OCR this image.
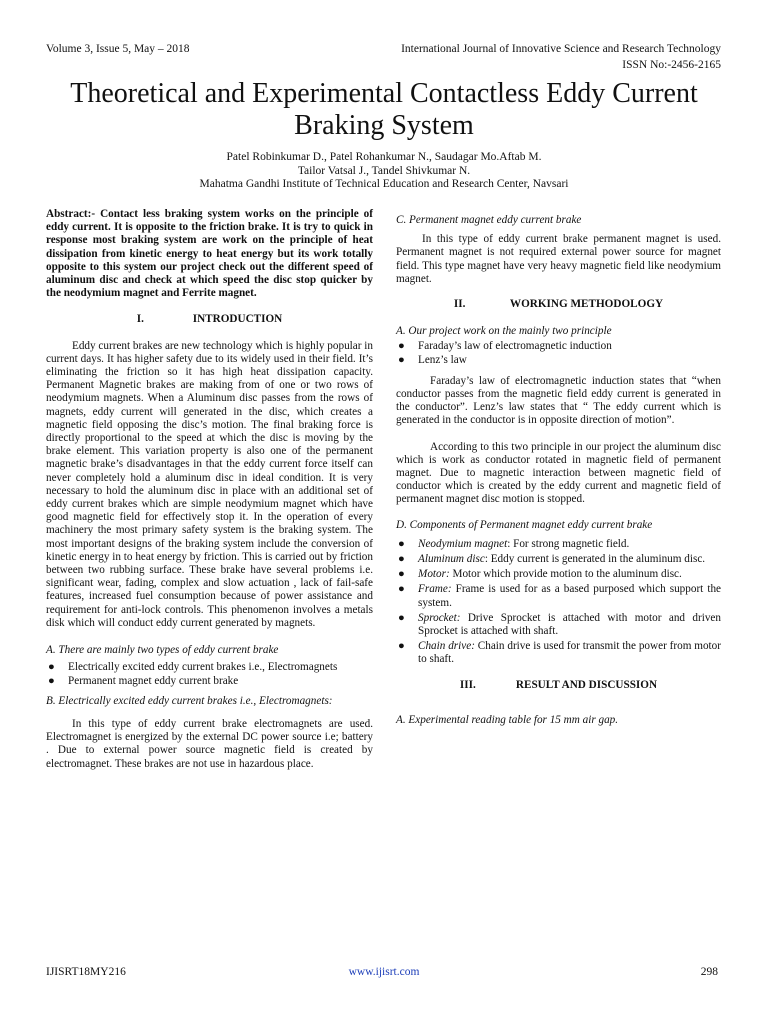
Volume 3, Issue 5, May – 2018	International Journal of Innovative Science and Research Technology
ISSN No:-2456-2165
Theoretical and Experimental Contactless Eddy Current Braking System
Patel Robinkumar D., Patel Rohankumar N., Saudagar Mo.Aftab M.
Tailor Vatsal J., Tandel Shivkumar N.
Mahatma Gandhi Institute of Technical Education and Research Center, Navsari

Abstract:- Contact less braking system works on the principle of eddy current. It is opposite to the friction brake. It is try to quick in response most braking system are work on the principle of heat dissipation from kinetic energy to heat energy but its work totally opposite to this system our project check out the different speed of aluminum disc and check at which speed the disc stop quicker by the neodymium magnet and Ferrite magnet.

I.	INTRODUCTION

Eddy current brakes are new technology which is highly popular in current days. It has higher safety due to its widely used in their field. It’s eliminating the friction so it has high heat dissipation capacity. Permanent Magnetic brakes are making from of one or two rows of neodymium magnets. When a Aluminum disc passes from the rows of magnets, eddy current will generated in the disc, which creates a magnetic field opposing the disc’s motion. The final braking force is directly proportional to the speed at which the disc is moving by the brake element. This variation property is also one of the permanent magnetic brake’s disadvantages in that the eddy current force itself can never completely hold a aluminum disc in ideal condition. It is very necessary to hold the aluminum disc in place with an additional set of eddy current brakes which are simple neodymium magnet which have good magnetic field for effectively stop it. In the operation of every machinery the most primary safety system is the braking system. The most important designs of the braking system include the conversion of kinetic energy in to heat energy by friction. This is carried out by friction between two rubbing surface. These brake have several problems i.e. significant wear, fading, complex and slow actuation , lack of fail-safe features, increased fuel consumption because of power assistance and requirement for anti-lock controls. This phenomenon involves a metals disk which will conduct eddy current generated by magnets.

A. There are mainly two types of eddy current brake

● Electrically excited eddy current brakes i.e., Electromagnets
● Permanent magnet eddy current brake

B. Electrically excited eddy current brakes i.e., Electromagnets:

In this type of eddy current brake electromagnets are used. Electromagnet is energized by the external DC power source i.e; battery . Due to external power source magnetic field is created by electromagnet. These brakes are not use in hazardous place.

C. Permanent magnet eddy current brake

In this type of eddy current brake permanent magnet is used. Permanent magnet is not required external power source for magnet field. This type magnet have very heavy magnetic field like neodymium magnet.

II.	WORKING METHODOLOGY

A. Our project work on the mainly two principle

● Faraday’s law of electromagnetic induction
● Lenz’s law

Faraday’s law of electromagnetic induction states that “when conductor passes from the magnetic field eddy current is generated in the conductor”. Lenz’s law states that “ The eddy current which is generated in the conductor is in opposite direction of motion”.

According to this two principle in our project the aluminum disc which is work as conductor rotated in magnetic field of permanent magnet. Due to magnetic interaction between magnetic field of conductor which is created by the eddy current and magnetic field of permanent magnet disc motion is stopped.

D. Components of Permanent magnet eddy current brake

● Neodymium magnet: For strong magnetic field.
● Aluminum disc: Eddy current is generated in the aluminum disc.
● Motor: Motor which provide motion to the aluminum disc.
● Frame: Frame is used for as a based purposed which support the system.
● Sprocket: Drive Sprocket is attached with motor and driven Sprocket is attached with shaft.
● Chain drive: Chain drive is used for transmit the power from motor to shaft.
III.	RESULT AND DISCUSSION

A. Experimental reading table for 15 mm air gap.

IJISRT18MY216	www.ijisrt.com	298
